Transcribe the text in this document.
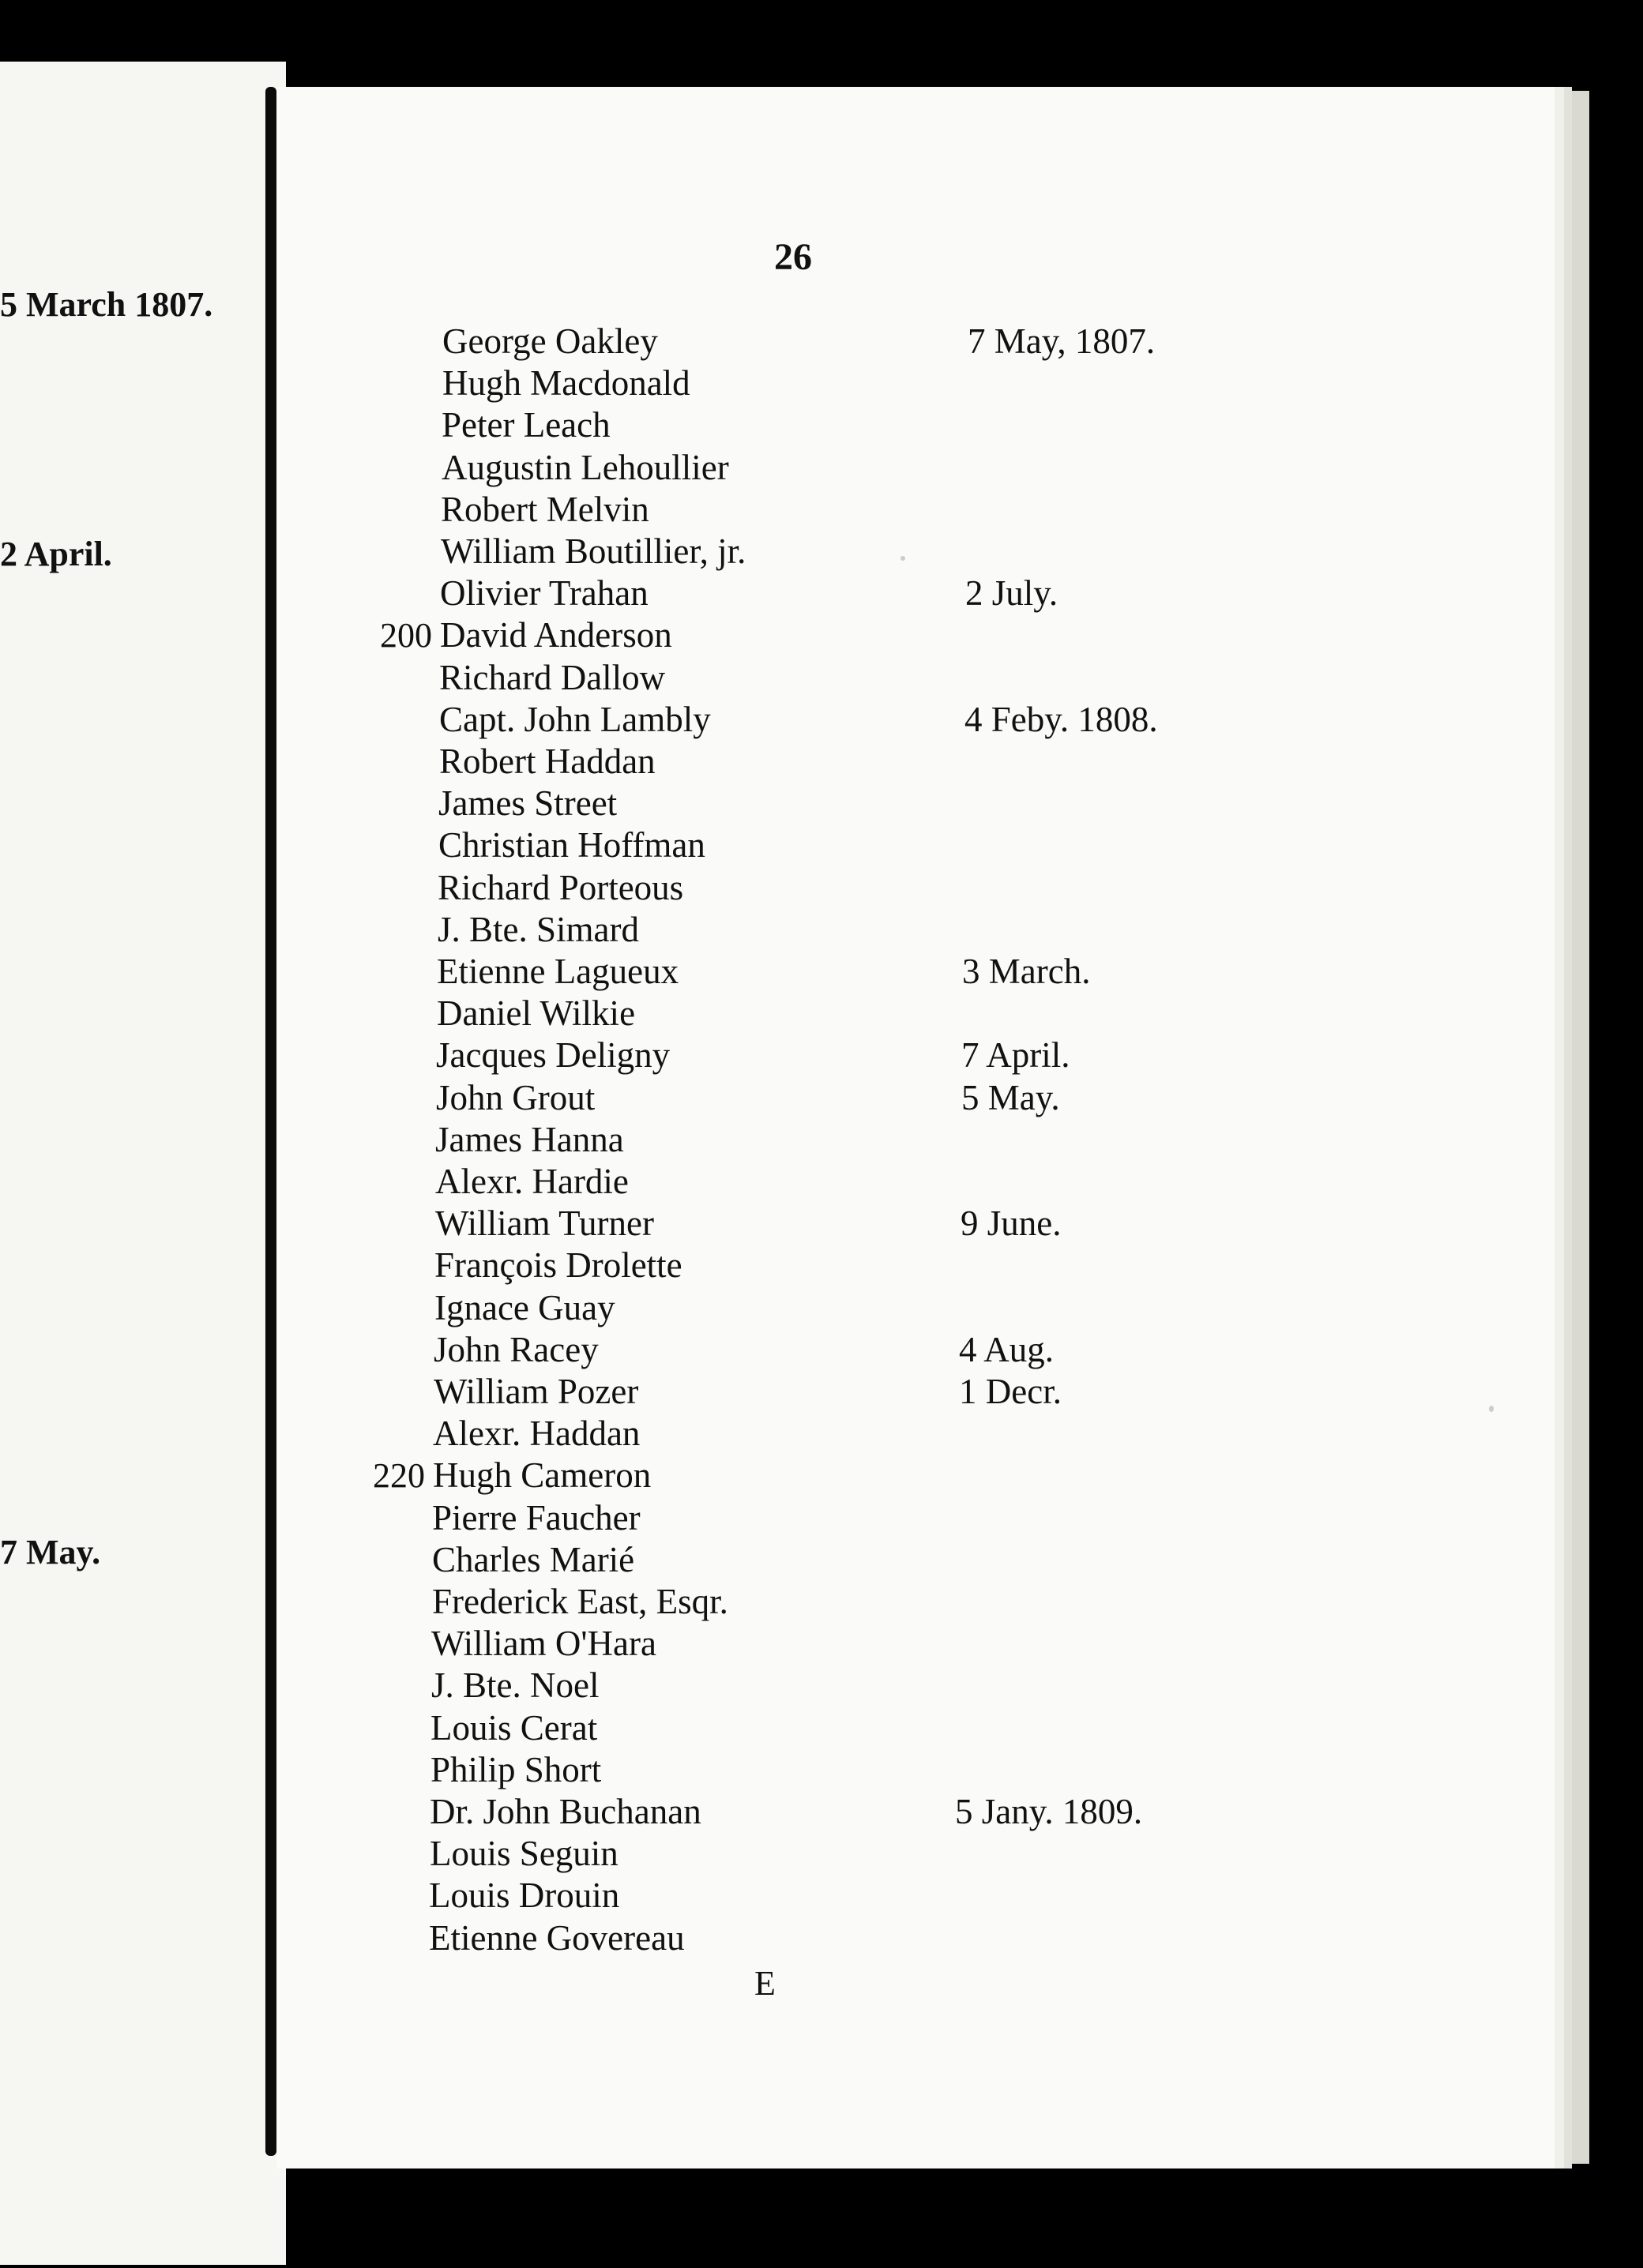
5 March 1807.
2 April.
7 May.
26
George Oakley	7 May, 1807.
Hugh Macdonald
Peter Leach
Augustin Lehoullier
Robert Melvin
William Boutillier, jr.
Olivier Trahan	2 July.
200 David Anderson
Richard Dallow
Capt. John Lambly	4 Feby. 1808.
Robert Haddan
James Street
Christian Hoffman
Richard Porteous
J. Bte. Simard
Etienne Lagueux	3 March.
Daniel Wilkie
Jacques Deligny	7 April.
John Grout	5 May.
James Hanna
Alexr. Hardie
William Turner	9 June.
François Drolette
Ignace Guay
John Racey	4 Aug.
William Pozer	1 Decr.
Alexr. Haddan
220 Hugh Cameron
Pierre Faucher
Charles Marié
Frederick East, Esqr.
William O'Hara
J. Bte. Noel
Louis Cerat
Philip Short
Dr. John Buchanan	5 Jany. 1809.
Louis Seguin
Louis Drouin
Etienne Govereau
E
